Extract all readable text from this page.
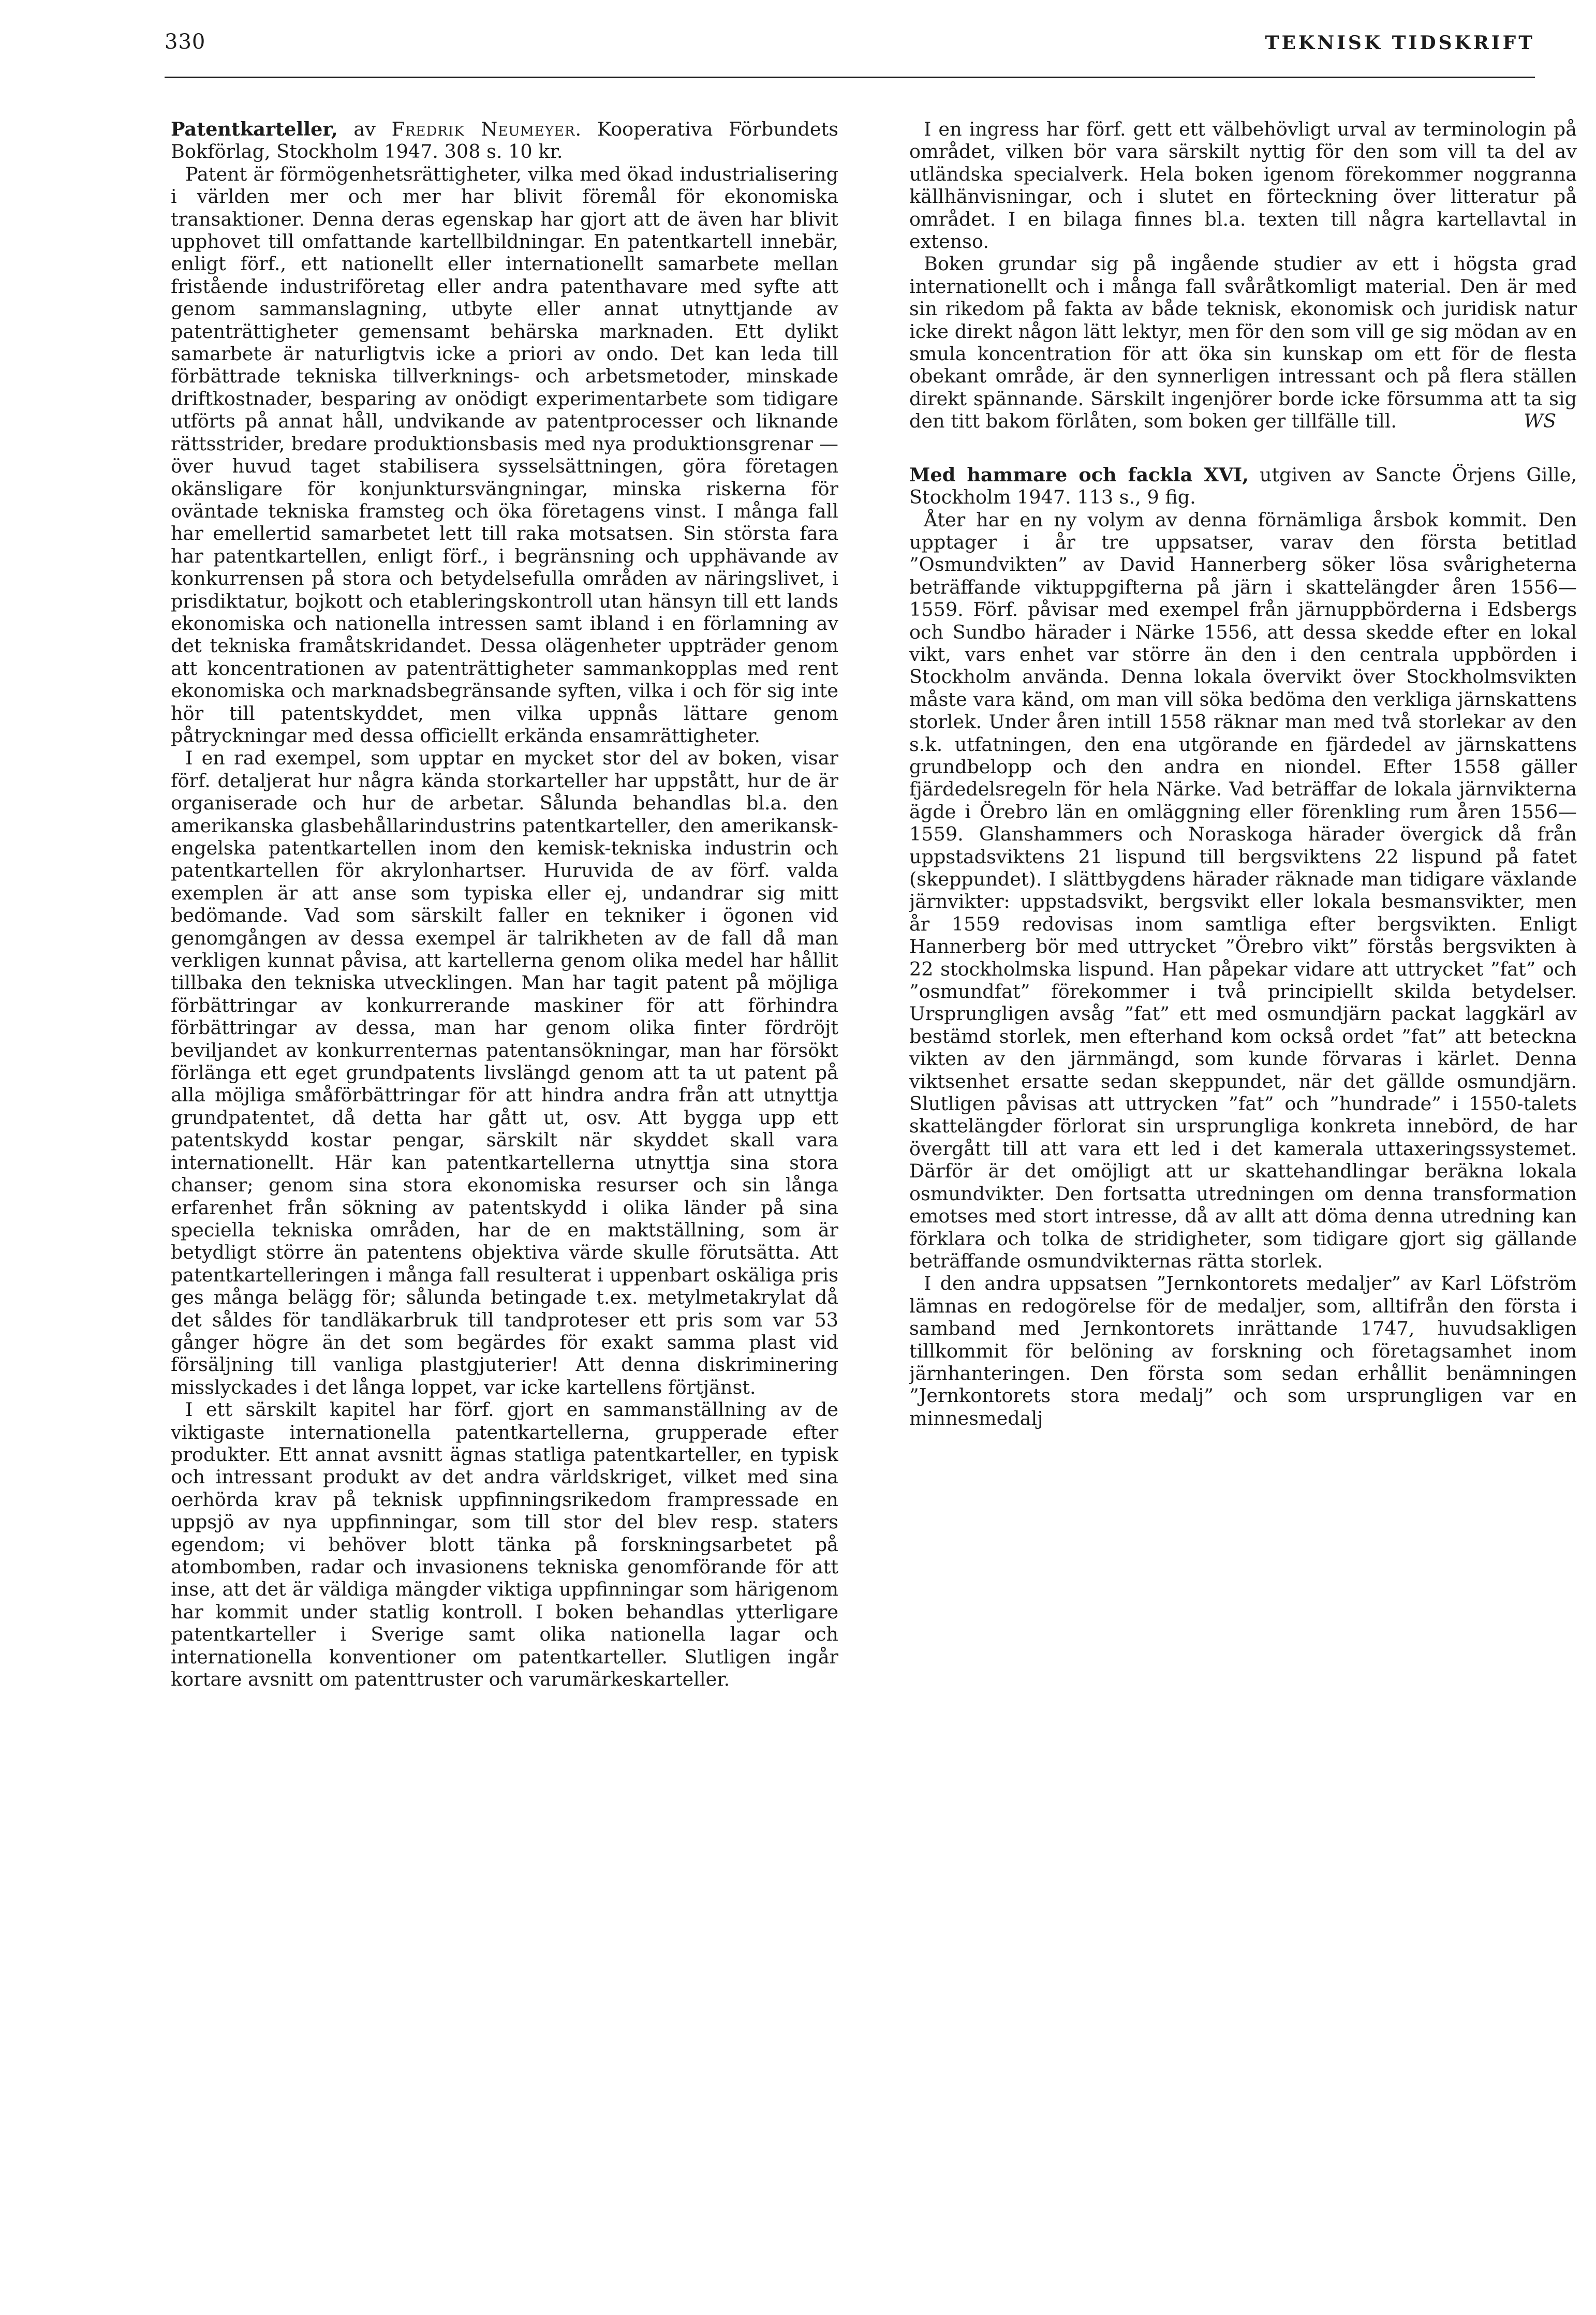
330	TEKNISK TIDSKRIFT

Patentkarteller, av Fredrik Neumeyer. Kooperativa Förbundets Bokförlag, Stockholm 1947. 308 s. 10 kr.

Patent är förmögenhetsrättigheter, vilka med ökad industrialisering i världen mer och mer har blivit föremål för ekonomiska transaktioner. Denna deras egenskap har gjort att de även har blivit upphovet till omfattande kartellbildningar. En patentkartell innebär, enligt förf., ett nationellt eller internationellt samarbete mellan fristående industriföretag eller andra patenthavare med syfte att genom sammanslagning, utbyte eller annat utnyttjande av patenträttigheter gemensamt behärska marknaden. Ett dylikt samarbete är naturligtvis icke a priori av ondo. Det kan leda till förbättrade tekniska tillverknings- och arbetsmetoder, minskade driftkostnader, besparing av onödigt experimentarbete som tidigare utförts på annat håll, undvikande av patentprocesser och liknande rättsstrider, bredare produktionsbasis med nya produktionsgrenar — över huvud taget stabilisera sysselsättningen, göra företagen okänsligare för konjunktursvängningar, minska riskerna för oväntade tekniska framsteg och öka företagens vinst. I många fall har emellertid samarbetet lett till raka motsatsen. Sin största fara har patentkartellen, enligt förf., i begränsning och upphävande av konkurrensen på stora och betydelsefulla områden av näringslivet, i prisdiktatur, bojkott och etableringskontroll utan hänsyn till ett lands ekonomiska och nationella intressen samt ibland i en förlamning av det tekniska framåtskridandet. Dessa olägenheter uppträder genom att koncentrationen av patenträttigheter sammankopplas med rent ekonomiska och marknadsbegränsande syften, vilka i och för sig inte hör till patentskyddet, men vilka uppnås lättare genom påtryckningar med dessa officiellt erkända ensamrättigheter.

I en rad exempel, som upptar en mycket stor del av boken, visar förf. detaljerat hur några kända storkarteller har uppstått, hur de är organiserade och hur de arbetar. Sålunda behandlas bl.a. den amerikanska glasbehållarindustrins patentkarteller, den amerikansk-engelska patentkartellen inom den kemisk-tekniska industrin och patentkartellen för akrylonhartser. Huruvida de av förf. valda exemplen är att anse som typiska eller ej, undandrar sig mitt bedömande. Vad som särskilt faller en tekniker i ögonen vid genomgången av dessa exempel är talrikheten av de fall då man verkligen kunnat påvisa, att kartellerna genom olika medel har hållit tillbaka den tekniska utvecklingen. Man har tagit patent på möjliga förbättringar av konkurrerande maskiner för att förhindra förbättringar av dessa, man har genom olika finter fördröjt beviljandet av konkurrenternas patentansökningar, man har försökt förlänga ett eget grundpatents livslängd genom att ta ut patent på alla möjliga småförbättringar för att hindra andra från att utnyttja grundpatentet, då detta har gått ut, osv. Att bygga upp ett patentskydd kostar pengar, särskilt när skyddet skall vara internationellt. Här kan patentkartellerna utnyttja sina stora chanser; genom sina stora ekonomiska resurser och sin långa erfarenhet från sökning av patentskydd i olika länder på sina speciella tekniska områden, har de en maktställning, som är betydligt större än patentens objektiva värde skulle förutsätta. Att patentkartelleringen i många fall resulterat i uppenbart oskäliga pris ges många belägg för; sålunda betingade t.ex. metylmetakrylat då det såldes för tandläkarbruk till tandproteser ett pris som var 53 gånger högre än det som begärdes för exakt samma plast vid försäljning till vanliga plastgjuterier! Att denna diskriminering misslyckades i det långa loppet, var icke kartellens förtjänst.

I ett särskilt kapitel har förf. gjort en sammanställning av de viktigaste internationella patentkartellerna, grupperade efter produkter. Ett annat avsnitt ägnas statliga patentkarteller, en typisk och intressant produkt av det andra världskriget, vilket med sina oerhörda krav på teknisk uppfinningsrikedom frampressade en uppsjö av nya uppfinningar, som till stor del blev resp. staters egendom; vi behöver blott tänka på forskningsarbetet på atombomben, radar och invasionens tekniska genomförande för att inse, att det är väldiga mängder viktiga uppfinningar som härigenom har kommit under statlig kontroll. I boken behandlas ytterligare patentkarteller i Sverige samt olika nationella lagar och internationella konventioner om patentkarteller. Slutligen ingår kortare avsnitt om patenttruster och varumärkeskarteller.

I en ingress har förf. gett ett välbehövligt urval av terminologin på området, vilken bör vara särskilt nyttig för den som vill ta del av utländska specialverk. Hela boken igenom förekommer noggranna källhänvisningar, och i slutet en förteckning över litteratur på området. I en bilaga finnes bl.a. texten till några kartellavtal in extenso.

Boken grundar sig på ingående studier av ett i högsta grad internationellt och i många fall svåråtkomligt material. Den är med sin rikedom på fakta av både teknisk, ekonomisk och juridisk natur icke direkt någon lätt lektyr, men för den som vill ge sig mödan av en smula koncentration för att öka sin kunskap om ett för de flesta obekant område, är den synnerligen intressant och på flera ställen direkt spännande. Särskilt ingenjörer borde icke försumma att ta sig den titt bakom förlåten, som boken ger tillfälle till.	WS

Med hammare och fackla XVI, utgiven av Sancte Örjens Gille, Stockholm 1947. 113 s., 9 fig.

Åter har en ny volym av denna förnämliga årsbok kommit. Den upptager i år tre uppsatser, varav den första betitlad ”Osmundvikten” av David Hannerberg söker lösa svårigheterna beträffande viktuppgifterna på järn i skattelängder åren 1556—1559. Förf. påvisar med exempel från järnuppbörderna i Edsbergs och Sundbo härader i Närke 1556, att dessa skedde efter en lokal vikt, vars enhet var större än den i den centrala uppbörden i Stockholm använda. Denna lokala övervikt över Stockholmsvikten måste vara känd, om man vill söka bedöma den verkliga järnskattens storlek. Under åren intill 1558 räknar man med två storlekar av den s.k. utfatningen, den ena utgörande en fjärdedel av järnskattens grundbelopp och den andra en niondel. Efter 1558 gäller fjärdedelsregeln för hela Närke. Vad beträffar de lokala järnvikterna ägde i Örebro län en omläggning eller förenkling rum åren 1556—1559. Glanshammers och Noraskoga härader övergick då från uppstadsviktens 21 lispund till bergsviktens 22 lispund på fatet (skeppundet). I slättbygdens härader räknade man tidigare växlande järnvikter: uppstadsvikt, bergsvikt eller lokala besmansvikter, men år 1559 redovisas inom samtliga efter bergsvikten. Enligt Hannerberg bör med uttrycket ”Örebro vikt” förstås bergsvikten à 22 stockholmska lispund. Han påpekar vidare att uttrycket ”fat” och ”osmundfat” förekommer i två principiellt skilda betydelser. Ursprungligen avsåg ”fat” ett med osmundjärn packat laggkärl av bestämd storlek, men efterhand kom också ordet ”fat” att beteckna vikten av den järnmängd, som kunde förvaras i kärlet. Denna viktsenhet ersatte sedan skeppundet, när det gällde osmundjärn. Slutligen påvisas att uttrycken ”fat” och ”hundrade” i 1550-talets skattelängder förlorat sin ursprungliga konkreta innebörd, de har övergått till att vara ett led i det kamerala uttaxeringssystemet. Därför är det omöjligt att ur skattehandlingar beräkna lokala osmundvikter. Den fortsatta utredningen om denna transformation emotses med stort intresse, då av allt att döma denna utredning kan förklara och tolka de stridigheter, som tidigare gjort sig gällande beträffande osmundvikternas rätta storlek.

I den andra uppsatsen ”Jernkontorets medaljer” av Karl Löfström lämnas en redogörelse för de medaljer, som, alltifrån den första i samband med Jernkontorets inrättande 1747, huvudsakligen tillkommit för belöning av forskning och företagsamhet inom järnhanteringen. Den första som sedan erhållit benämningen ”Jernkontorets stora medalj” och som ursprungligen var en minnesmedalj
